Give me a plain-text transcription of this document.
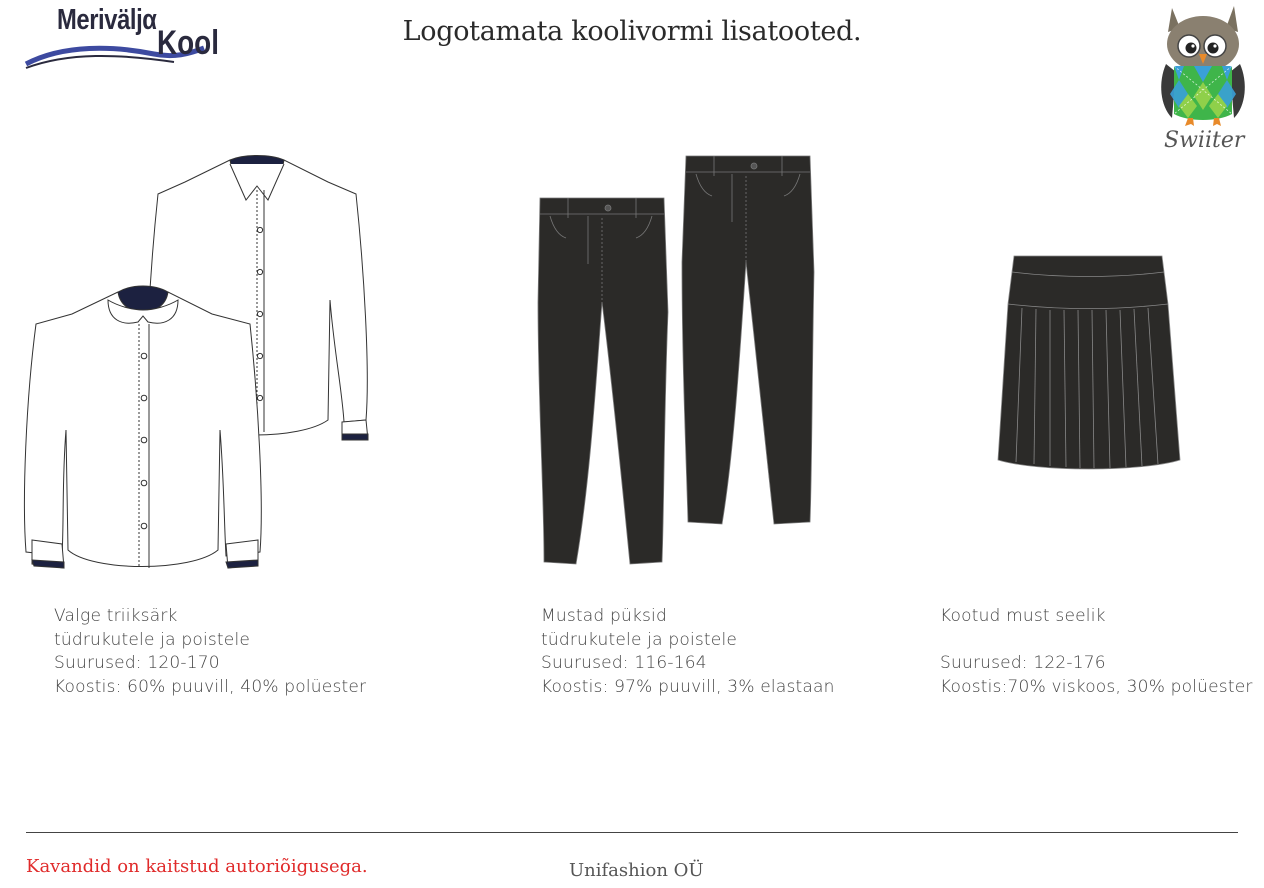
Meriväljα
Kool	Logotamata koolivormi lisatooted.
Swiiter
Valge triiksärk
tüdrukutele ja poistele
Suurused: 120-170
Koostis: 60% puuvill, 40% polüester
Mustad püksid
tüdrukutele ja poistele
Suurused: 116-164
Koostis: 97% puuvill, 3% elastaan
Kootud must seelik
Suurused: 122-176
Koostis:70% viskoos, 30% polüester
Kavandid on kaitstud autoriõigusega.	Unifashion OÜ
